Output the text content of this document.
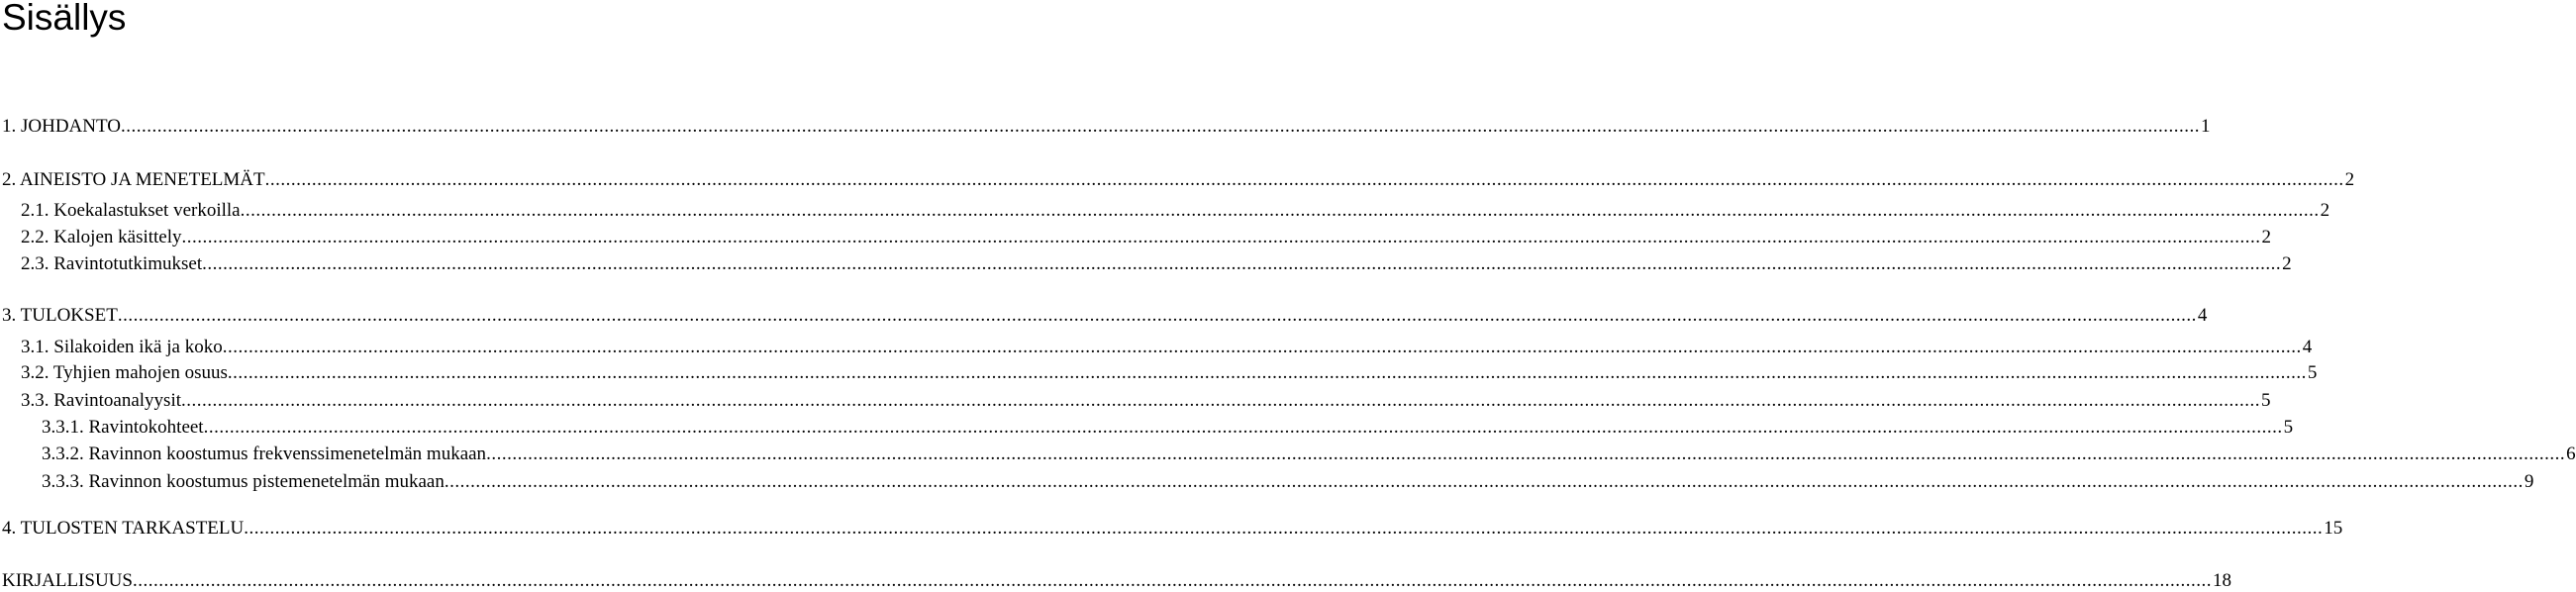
Sisällys
1. JOHDANTO ................................................................................................................................................................................................................................................................................................................................................................................................................ 1
2. AINEISTO JA MENETELMÄT ................................................................................................................................................................................................................................................................................................................................................................................................................ 2
2.1. Koekalastukset verkoilla ................................................................................................................................................................................................................................................................................................................................................................................................................ 2
2.2. Kalojen käsittely ................................................................................................................................................................................................................................................................................................................................................................................................................ 2
2.3. Ravintotutkimukset ................................................................................................................................................................................................................................................................................................................................................................................................................ 2
3. TULOKSET ................................................................................................................................................................................................................................................................................................................................................................................................................ 4
3.1. Silakoiden ikä ja koko ................................................................................................................................................................................................................................................................................................................................................................................................................ 4
3.2. Tyhjien mahojen osuus ................................................................................................................................................................................................................................................................................................................................................................................................................ 5
3.3. Ravintoanalyysit ................................................................................................................................................................................................................................................................................................................................................................................................................ 5
3.3.1. Ravintokohteet ................................................................................................................................................................................................................................................................................................................................................................................................................ 5
3.3.2. Ravinnon koostumus frekvenssimenetelmän mukaan ................................................................................................................................................................................................................................................................................................................................................................................................................ 6
3.3.3. Ravinnon koostumus pistemenetelmän mukaan ................................................................................................................................................................................................................................................................................................................................................................................................................ 9
4. TULOSTEN TARKASTELU ................................................................................................................................................................................................................................................................................................................................................................................................................ 15
KIRJALLISUUS ................................................................................................................................................................................................................................................................................................................................................................................................................ 18
